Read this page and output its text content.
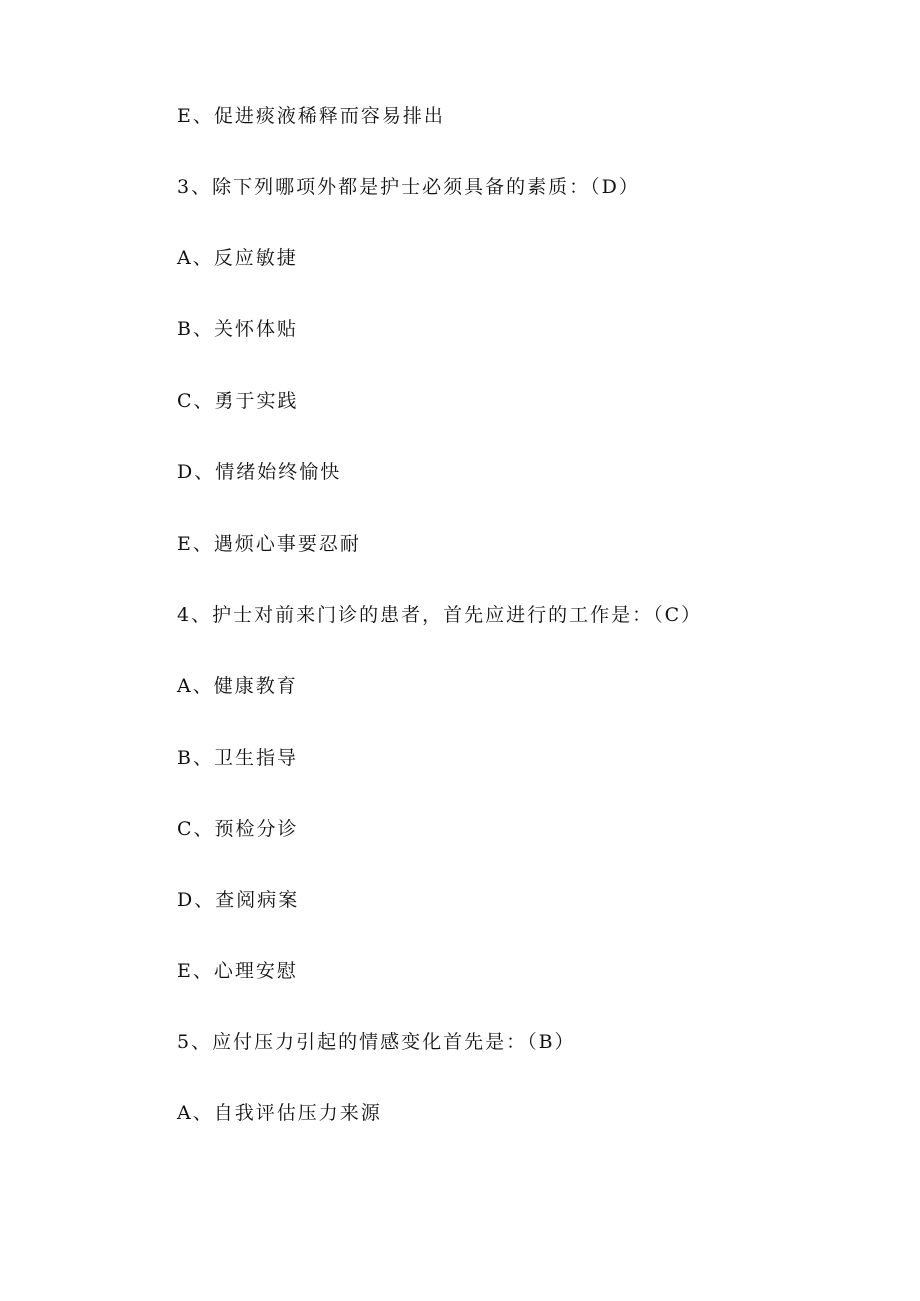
E、促进痰液稀释而容易排出
3、除下列哪项外都是护士必须具备的素质：（D）
A、反应敏捷
B、关怀体贴
C、勇于实践
D、情绪始终愉快
E、遇烦心事要忍耐
4、护士对前来门诊的患者，首先应进行的工作是：（C）
A、健康教育
B、卫生指导
C、预检分诊
D、查阅病案
E、心理安慰
5、应付压力引起的情感变化首先是：（B）
A、自我评估压力来源
